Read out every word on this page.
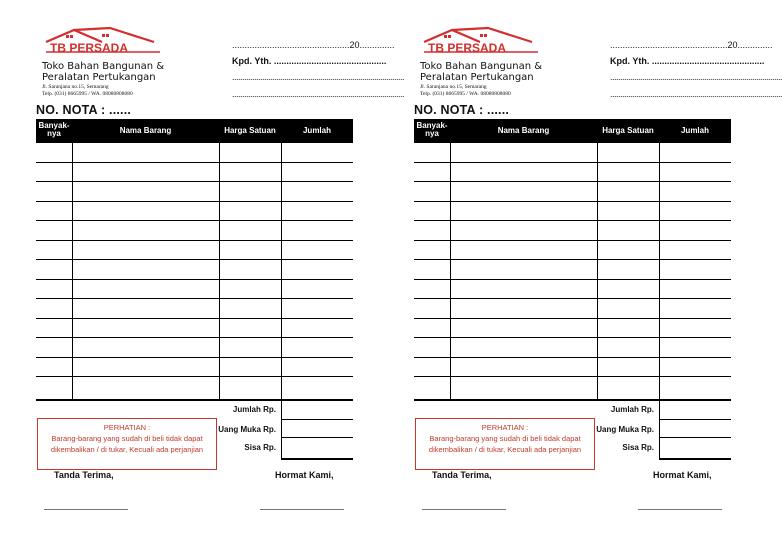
TB PERSADA
Toko Bahan Bangunan &
Peralatan Pertukangan
Jl. Saranjana no.15, Semarang
Telp. (031) 8665995 / WA. 08080808080
...............................................20..............
Kpd. Yth. .............................................
......................................................................................
......................................................................................
NO. NOTA : ......
Banyak-
nya	Nama Barang	Harga Satuan	Jumlah
Jumlah Rp.
Uang Muka Rp.
Sisa Rp.
PERHATIAN :
Barang-barang yang sudah di beli tidak dapat
dikembalikan / di tukar, Kecuali ada perjanjian
Tanda Terima,	Hormat Kami,
TB PERSADA
Toko Bahan Bangunan &
Peralatan Pertukangan
Jl. Saranjana no.15, Semarang
Telp. (031) 8665995 / WA. 08080808080
...............................................20..............
Kpd. Yth. .............................................
......................................................................................
......................................................................................
NO. NOTA : ......
Banyak-
nya	Nama Barang	Harga Satuan	Jumlah
Jumlah Rp.
Uang Muka Rp.
Sisa Rp.
PERHATIAN :
Barang-barang yang sudah di beli tidak dapat
dikembalikan / di tukar, Kecuali ada perjanjian
Tanda Terima,	Hormat Kami,
